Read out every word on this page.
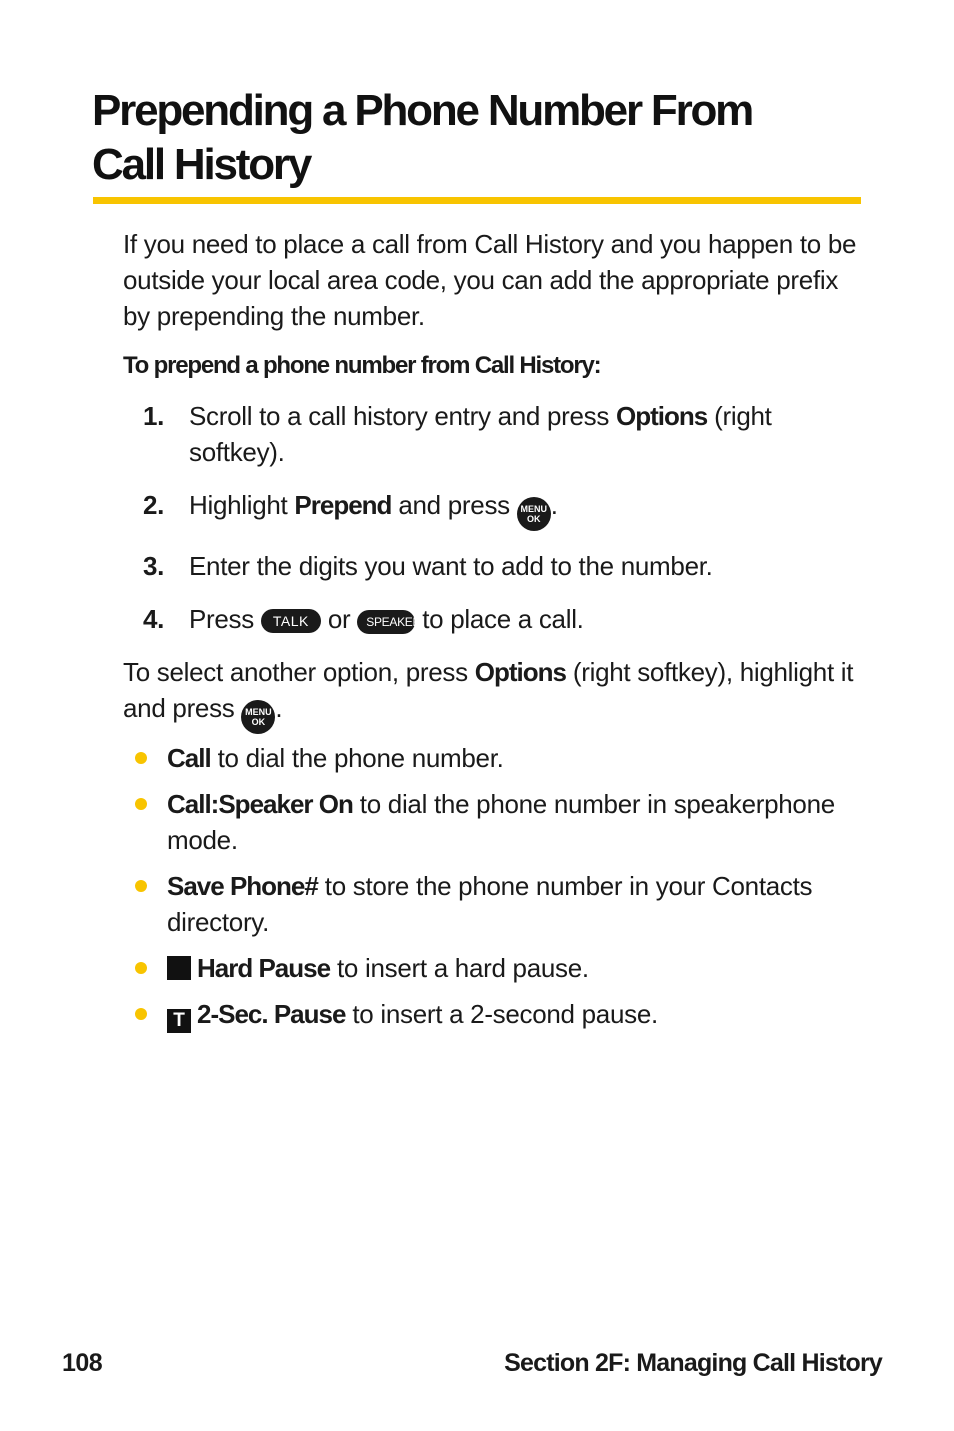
Prepending a Phone Number From
Call History

If you need to place a call from Call History and you happen to be outside your local area code, you can add the appropriate prefix by prepending the number.

To prepend a phone number from Call History:

1. Scroll to a call history entry and press Options (right softkey).
2. Highlight Prepend and press MENU
OK .
3. Enter the digits you want to add to the number.
4. Press TALK or SPEAKER to place a call.

To select another option, press Options (right softkey), highlight it and press MENU
OK .

Call to dial the phone number.
Call:Speaker On to dial the phone number in speakerphone mode.
Save Phone# to store the phone number in your Contacts directory.
Hard Pause to insert a hard pause.
T 2-Sec. Pause to insert a 2-second pause.
108	Section 2F: Managing Call History
